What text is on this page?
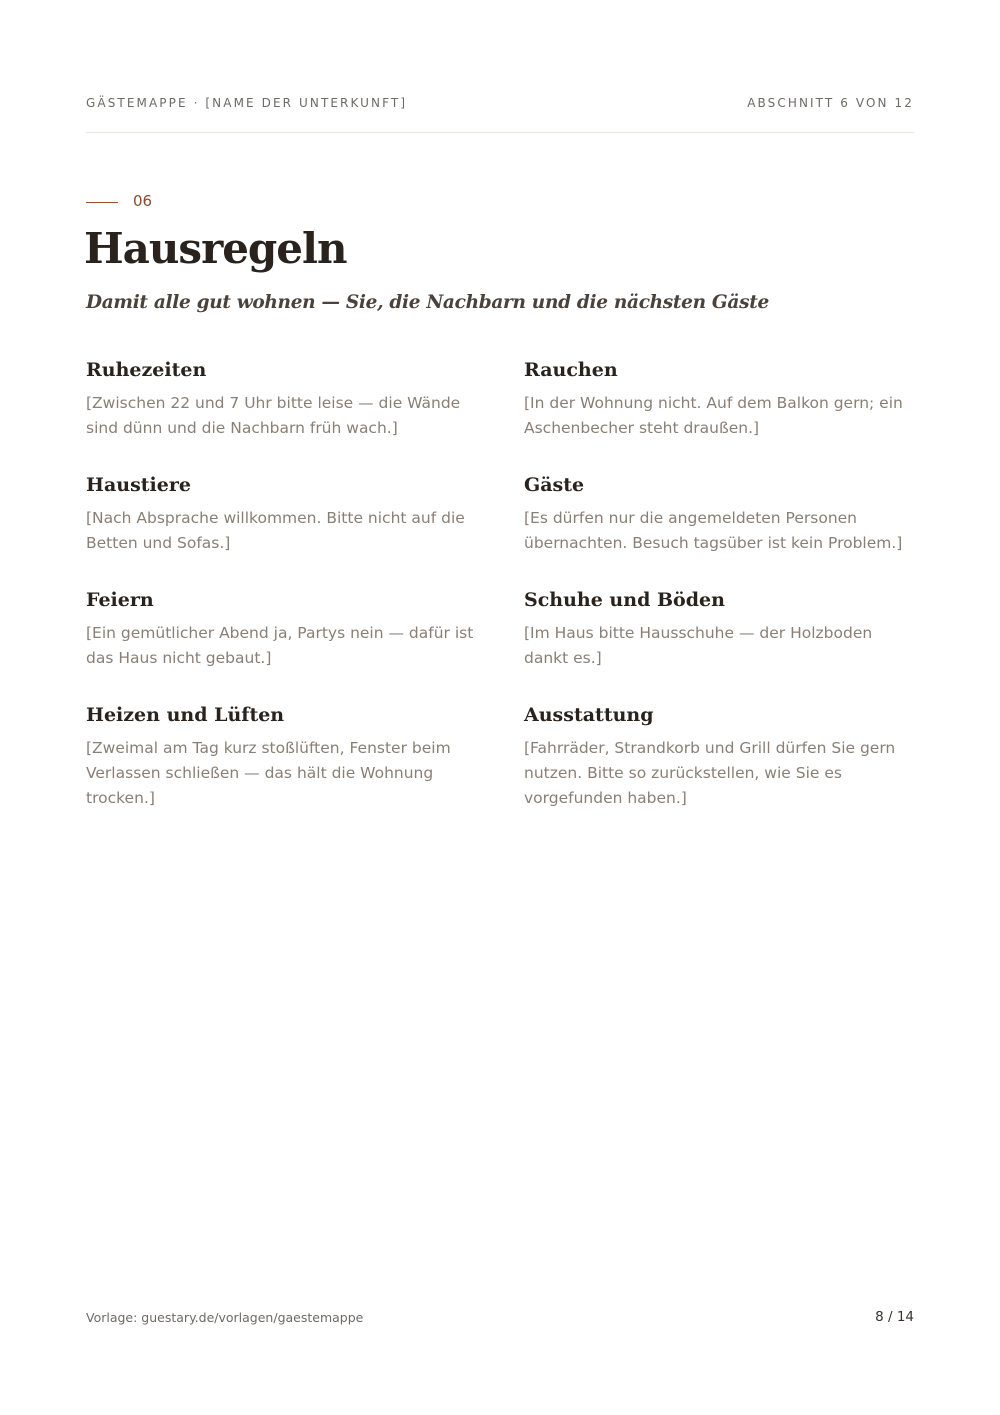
GÄSTEMAPPE · [NAME DER UNTERKUNFT]	ABSCHNITT 6 VON 12
06
Hausregeln

Damit alle gut wohnen — Sie, die Nachbarn und die nächsten Gäste

Ruhezeiten

[Zwischen 22 und 7 Uhr bitte leise — die Wände sind dünn und die Nachbarn früh wach.]

Rauchen

[In der Wohnung nicht. Auf dem Balkon gern; ein Aschenbecher steht draußen.]

Haustiere

[Nach Absprache willkommen. Bitte nicht auf die Betten und Sofas.]

Gäste

[Es dürfen nur die angemeldeten Personen übernachten. Besuch tagsüber ist kein Problem.]

Feiern

[Ein gemütlicher Abend ja, Partys nein — dafür ist das Haus nicht gebaut.]

Schuhe und Böden

[Im Haus bitte Hausschuhe — der Holzboden dankt es.]

Heizen und Lüften

[Zweimal am Tag kurz stoßlüften, Fenster beim Verlassen schließen — das hält die Wohnung trocken.]

Ausstattung

[Fahrräder, Strandkorb und Grill dürfen Sie gern nutzen. Bitte so zurückstellen, wie Sie es vorgefunden haben.]

Vorlage: guestary.de/vorlagen/gaestemappe	8 / 14
